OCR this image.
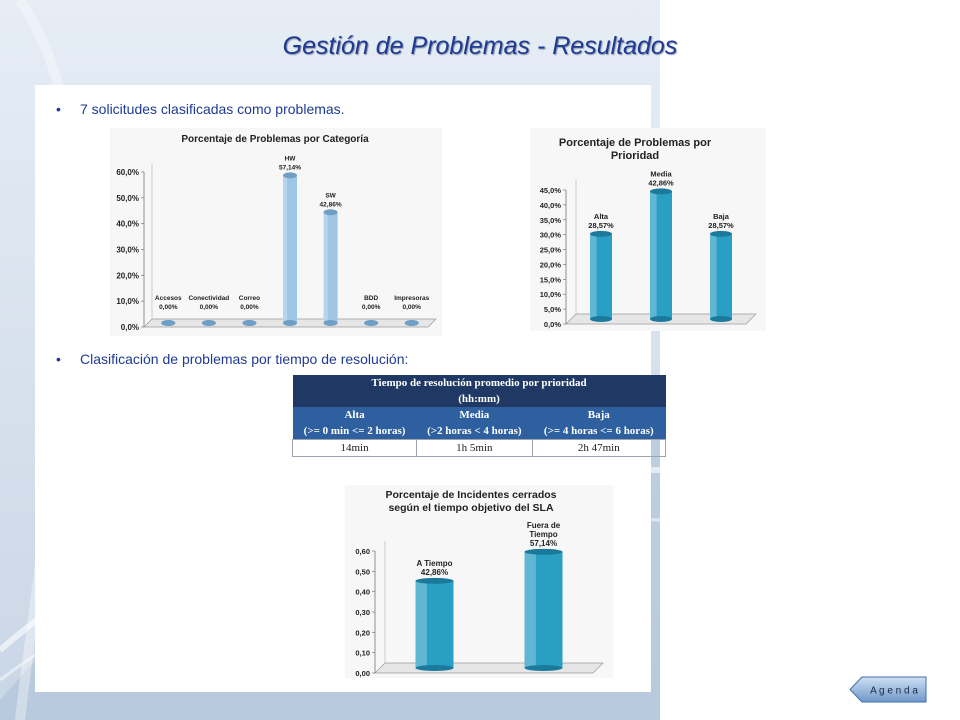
Gestión de Problemas - Resultados
• 7 solicitudes clasificadas como problemas.
Porcentaje de Problemas por Categoría
0,0%
10,0%
20,0%
30,0%
40,0%
50,0%
60,0%
Accesos
0,00%
Conectividad
0,00%
Correo
0,00%
HW
57,14%
SW
42,86%
BDD
0,00%
Impresoras
0,00%
Porcentaje de Problemas por
Prioridad
0,0%
5,0%
10,0%
15,0%
20,0%
25,0%
30,0%
35,0%
40,0%
45,0%
Alta
28,57%
Media
42,86%
Baja
28,57%
• Clasificación de problemas por tiempo de resolución:
Tiempo de resolución promedio por prioridad		
(hh:mm)		
Alta	Media	Baja
(>= 0 min <= 2 horas)	(>2 horas < 4 horas)	(>= 4 horas <= 6 horas)
14min	1h 5min	2h 47min
Porcentaje de Incidentes cerrados
según el tiempo objetivo del SLA
0,00
0,10
0,20
0,30
0,40
0,50
0,60
A Tiempo
42,86%
Fuera de
Tiempo
57,14%
A g e n d a
